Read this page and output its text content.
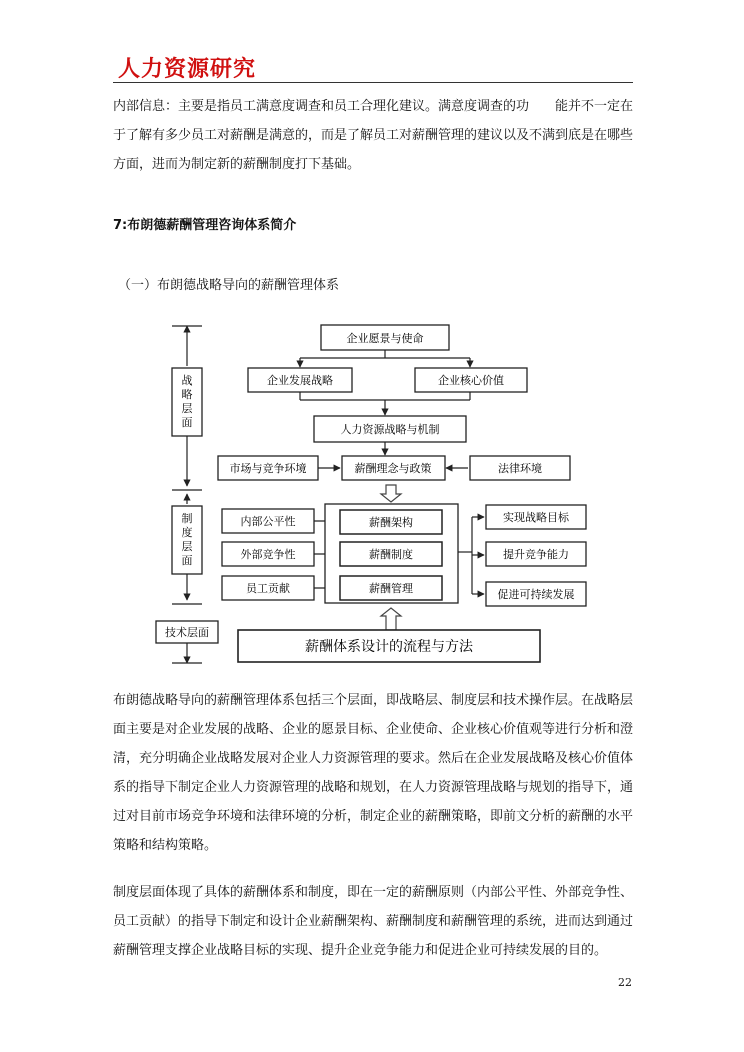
人力资源研究

内部信息：主要是指员工满意度调查和员工合理化建议。满意度调查的功　　能并不一定在

于了解有多少员工对薪酬是满意的，而是了解员工对薪酬管理的建议以及不满到底是在哪些

方面，进而为制定新的薪酬制度打下基础。

7:布朗德薪酬管理咨询体系简介
（一）布朗德战略导向的薪酬管理体系
战
略
层
面
制
度
层
面
技术层面
企业愿景与使命
企业发展战略	企业核心价值
人力资源战略与机制
市场与竞争环境	薪酬理念与政策	法律环境
薪酬架构
薪酬制度
薪酬管理
内部公平性
外部竞争性
员工贡献
实现战略目标
提升竞争能力
促进可持续发展
薪酬体系设计的流程与方法

布朗德战略导向的薪酬管理体系包括三个层面，即战略层、制度层和技术操作层。在战略层

面主要是对企业发展的战略、企业的愿景目标、企业使命、企业核心价值观等进行分析和澄

清，充分明确企业战略发展对企业人力资源管理的要求。然后在企业发展战略及核心价值体

系的指导下制定企业人力资源管理的战略和规划，在人力资源管理战略与规划的指导下，通

过对目前市场竞争环境和法律环境的分析，制定企业的薪酬策略，即前文分析的薪酬的水平

策略和结构策略。

制度层面体现了具体的薪酬体系和制度，即在一定的薪酬原则（内部公平性、外部竞争性、

员工贡献）的指导下制定和设计企业薪酬架构、薪酬制度和薪酬管理的系统，进而达到通过

薪酬管理支撑企业战略目标的实现、提升企业竞争能力和促进企业可持续发展的目的。

22
